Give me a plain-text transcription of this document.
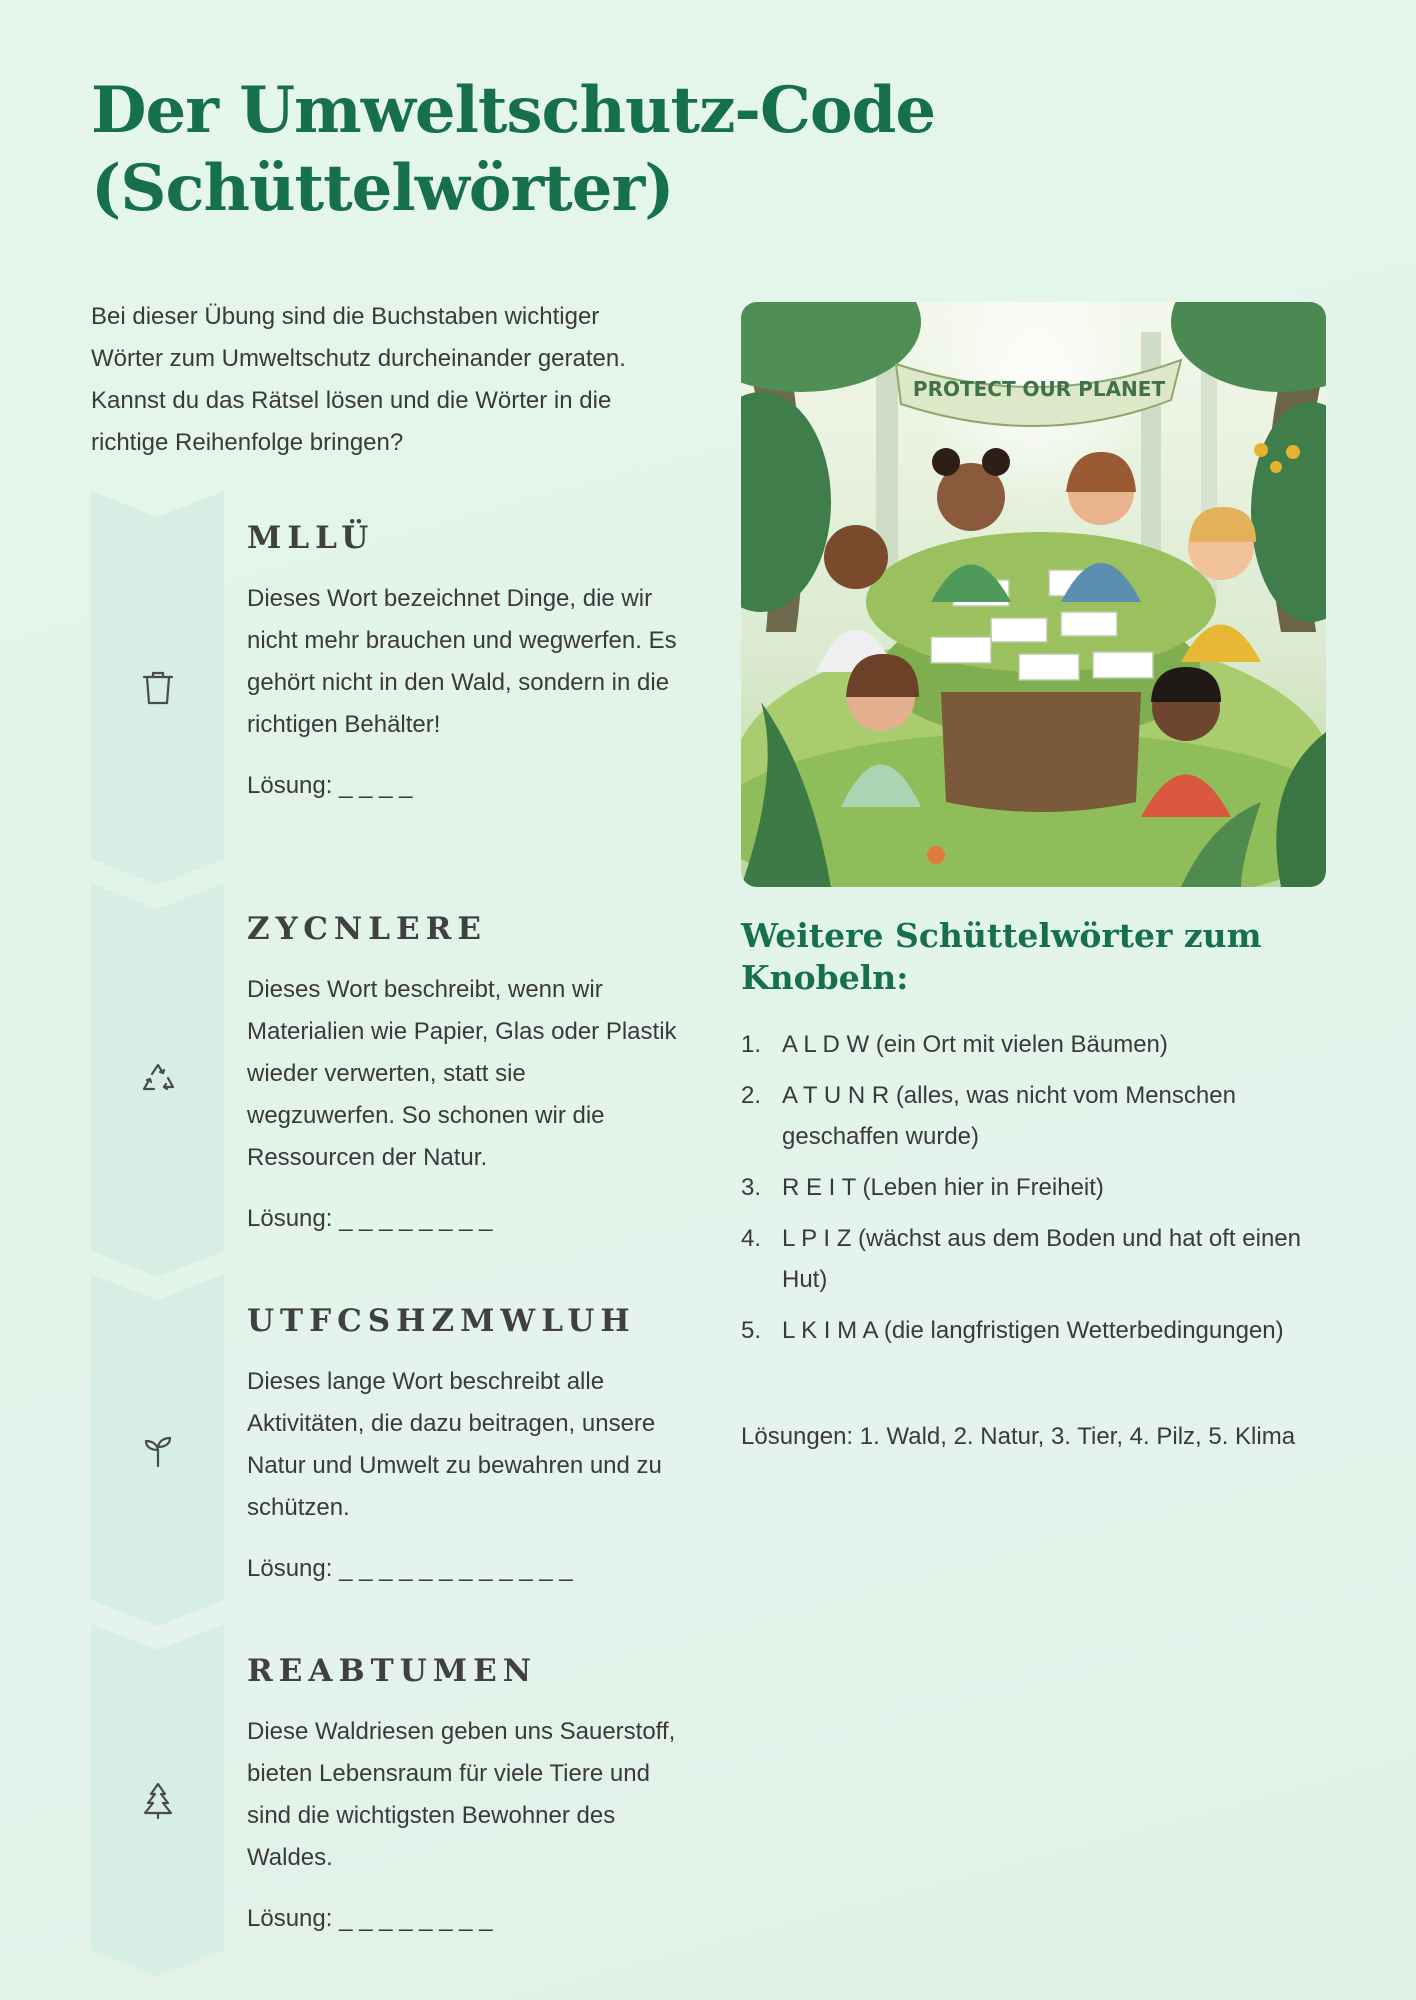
Der Umweltschutz-Code (Schüttelwörter)

Bei dieser Übung sind die Buchstaben wichtiger Wörter zum Umweltschutz durcheinander geraten. Kannst du das Rätsel lösen und die Wörter in die richtige Reihenfolge bringen?

MLLÜ

Dieses Wort bezeichnet Dinge, die wir nicht mehr brauchen und wegwerfen. Es gehört nicht in den Wald, sondern in die richtigen Behälter!

Lösung: _ _ _ _

ZYCNLERE

Dieses Wort beschreibt, wenn wir Materialien wie Papier, Glas oder Plastik wieder verwerten, statt sie wegzuwerfen. So schonen wir die Ressourcen der Natur.

Lösung: _ _ _ _ _ _ _ _

UTFCSHZMWLUH

Dieses lange Wort beschreibt alle Aktivitäten, die dazu beitragen, unsere Natur und Umwelt zu bewahren und zu schützen.

Lösung: _ _ _ _ _ _ _ _ _ _ _ _

REABTUMEN

Diese Waldriesen geben uns Sauerstoff, bieten Lebensraum für viele Tiere und sind die wichtigsten Bewohner des Waldes.

Lösung: _ _ _ _ _ _ _ _

PROTECT OUR PLANET
Weitere Schüttelwörter zum Knobeln:
1. A L D W (ein Ort mit vielen Bäumen)
2. A T U N R (alles, was nicht vom Menschen geschaffen wurde)
3. R E I T (Leben hier in Freiheit)
4. L P I Z (wächst aus dem Boden und hat oft einen Hut)
5. L K I M A (die langfristigen Wetterbedingungen)

Lösungen: 1. Wald, 2. Natur, 3. Tier, 4. Pilz, 5. Klima
